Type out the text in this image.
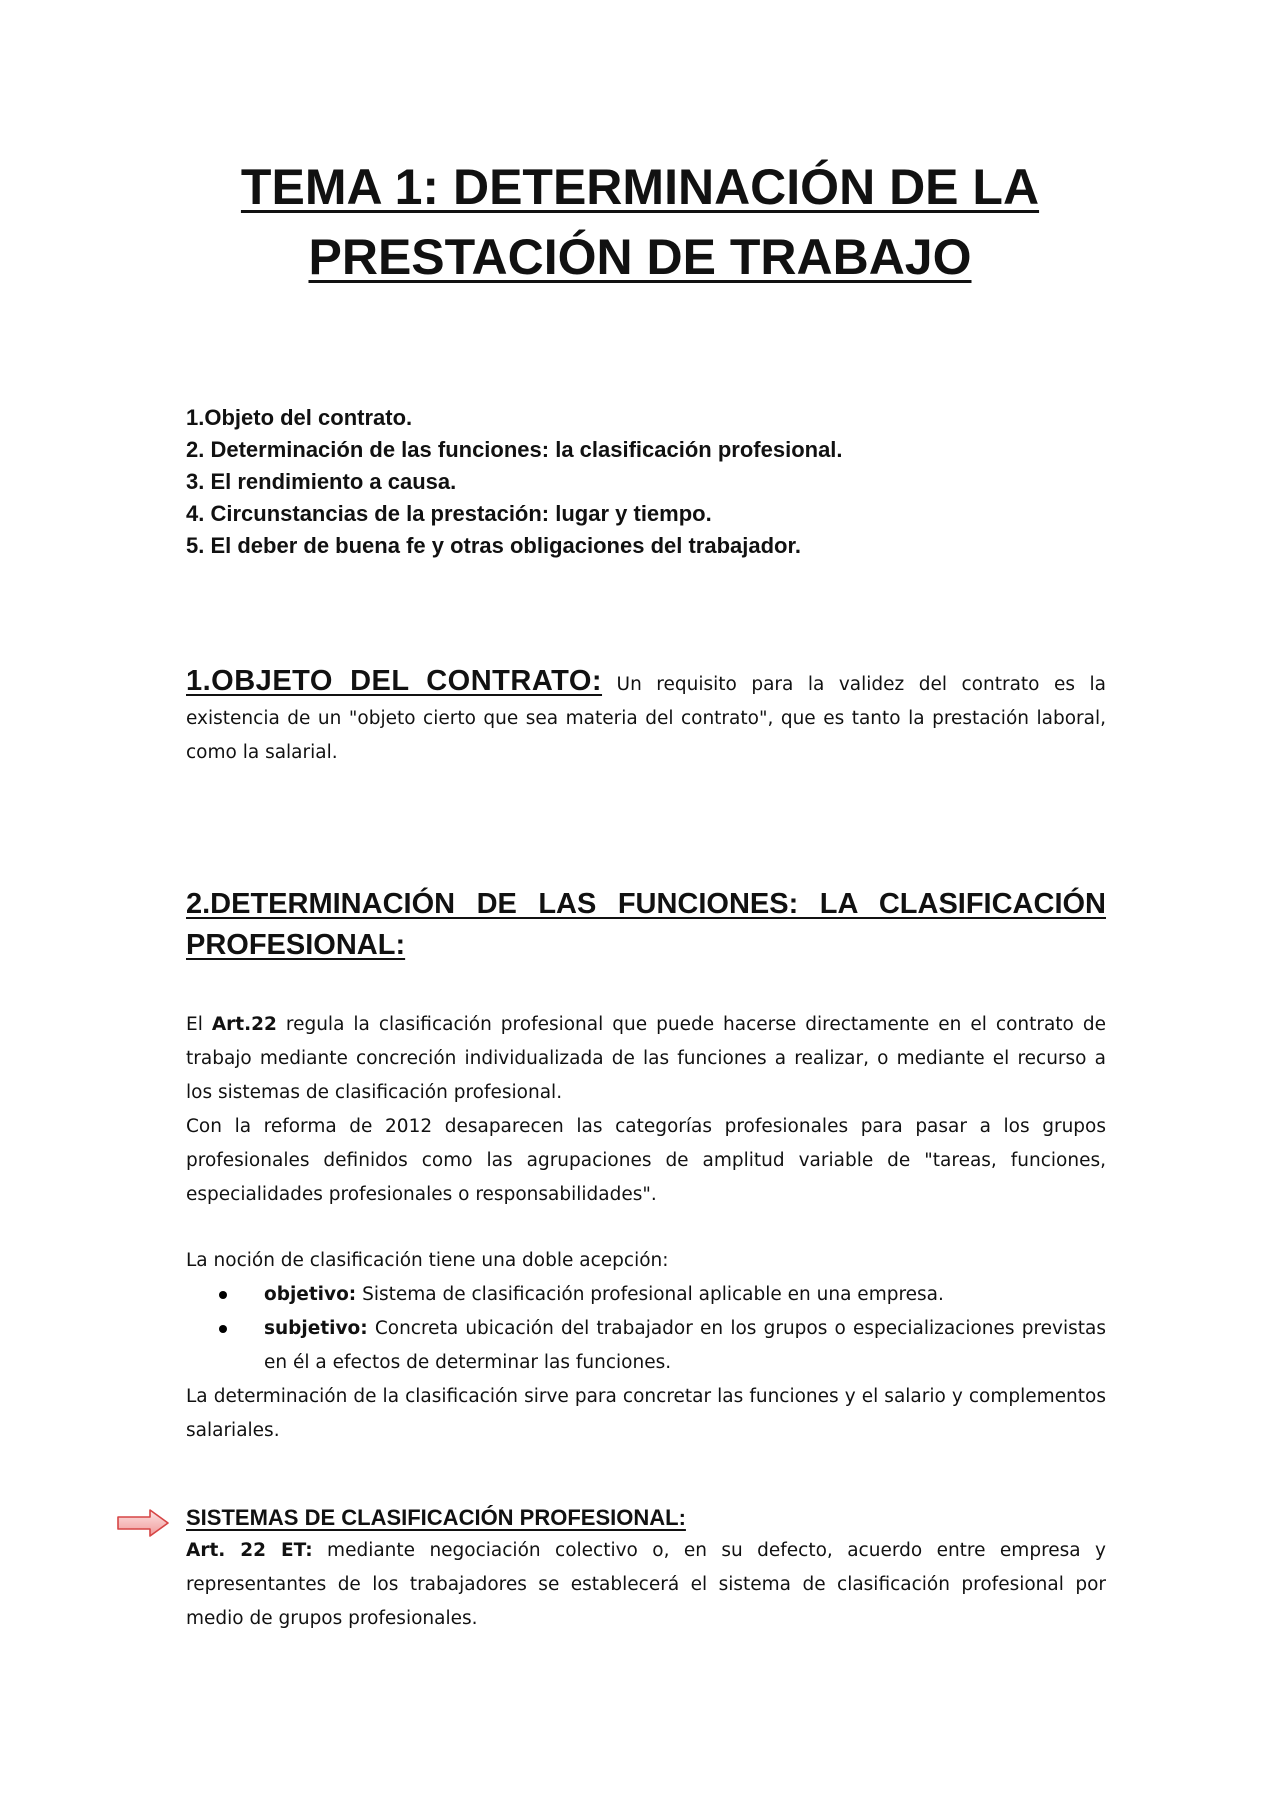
TEMA 1: DETERMINACIÓN DE LA
PRESTACIÓN DE TRABAJO
1.Objeto del contrato.
2. Determinación de las funciones: la clasificación profesional.
3. El rendimiento a causa.
4. Circunstancias de la prestación: lugar y tiempo.
5. El deber de buena fe y otras obligaciones del trabajador.

1.OBJETO DEL CONTRATO: Un requisito para la validez del contrato es la existencia de un "objeto cierto que sea materia del contrato", que es tanto la prestación laboral, como la salarial.

2.DETERMINACIÓN DE LAS FUNCIONES: LA CLASIFICACIÓN PROFESIONAL:

El Art.22 regula la clasificación profesional que puede hacerse directamente en el contrato de trabajo mediante concreción individualizada de las funciones a realizar, o mediante el recurso a los sistemas de clasificación profesional.

Con la reforma de 2012 desaparecen las categorías profesionales para pasar a los grupos profesionales definidos como las agrupaciones de amplitud variable de "tareas, funciones, especialidades profesionales o responsabilidades".

La noción de clasificación tiene una doble acepción:

objetivo: Sistema de clasificación profesional aplicable en una empresa.
subjetivo: Concreta ubicación del trabajador en los grupos o especializaciones previstas en él a efectos de determinar las funciones.

La determinación de la clasificación sirve para concretar las funciones y el salario y complementos salariales.

SISTEMAS DE CLASIFICACIÓN PROFESIONAL:

Art. 22 ET: mediante negociación colectivo o, en su defecto, acuerdo entre empresa y representantes de los trabajadores se establecerá el sistema de clasificación profesional por medio de grupos profesionales.
